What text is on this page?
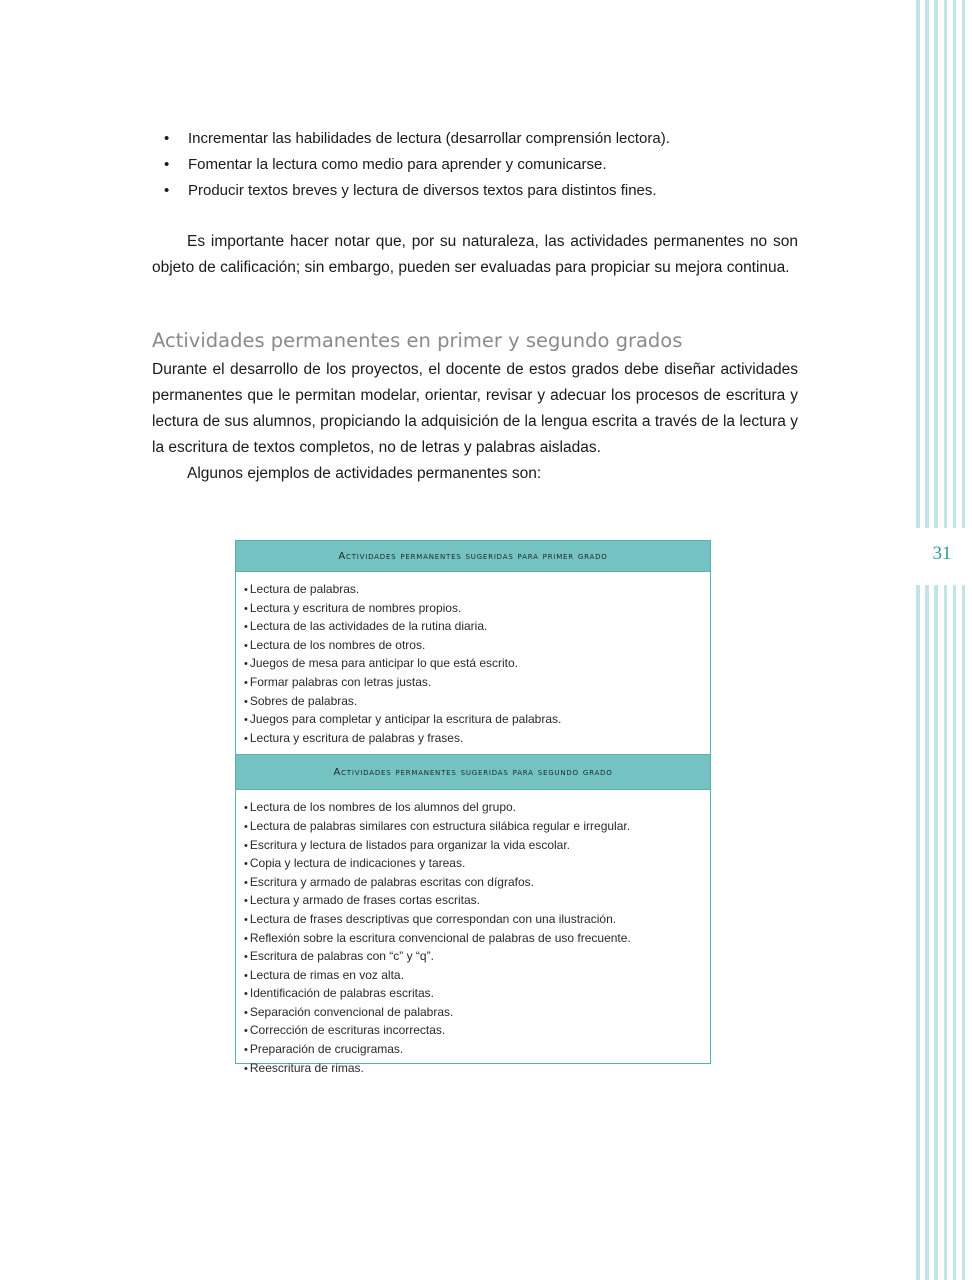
31
• Incrementar las habilidades de lectura (desarrollar comprensión lectora).
• Fomentar la lectura como medio para aprender y comunicarse.
• Producir textos breves y lectura de diversos textos para distintos fines.

Es importante hacer notar que, por su naturaleza, las actividades permanentes no son objeto de calificación; sin embargo, pueden ser evaluadas para propiciar su mejora continua.

Actividades permanentes en primer y segundo grados

Durante el desarrollo de los proyectos, el docente de estos grados debe diseñar actividades permanentes que le permitan modelar, orientar, revisar y adecuar los procesos de escritura y lectura de sus alumnos, propiciando la adquisición de la lengua escrita a través de la lectura y la escritura de textos completos, no de letras y palabras aisladas.

Algunos ejemplos de actividades permanentes son:

Actividades permanentes sugeridas para primer grado
• Lectura de palabras.
• Lectura y escritura de nombres propios.
• Lectura de las actividades de la rutina diaria.
• Lectura de los nombres de otros.
• Juegos de mesa para anticipar lo que está escrito.
• Formar palabras con letras justas.
• Sobres de palabras.
• Juegos para completar y anticipar la escritura de palabras.
• Lectura y escritura de palabras y frases.
Actividades permanentes sugeridas para segundo grado
• Lectura de los nombres de los alumnos del grupo.
• Lectura de palabras similares con estructura silábica regular e irregular.
• Escritura y lectura de listados para organizar la vida escolar.
• Copia y lectura de indicaciones y tareas.
• Escritura y armado de palabras escritas con dígrafos.
• Lectura y armado de frases cortas escritas.
• Lectura de frases descriptivas que correspondan con una ilustración.
• Reflexión sobre la escritura convencional de palabras de uso frecuente.
• Escritura de palabras con “c” y “q”.
• Lectura de rimas en voz alta.
• Identificación de palabras escritas.
• Separación convencional de palabras.
• Corrección de escrituras incorrectas.
• Preparación de crucigramas.
• Reescritura de rimas.
